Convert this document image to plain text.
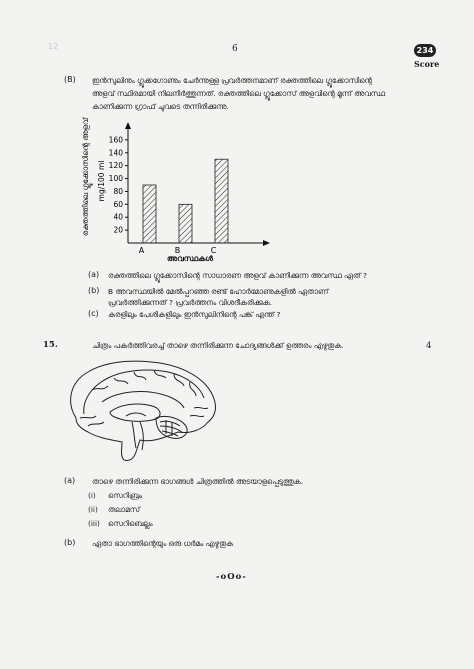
12	6	234
Score
(B) ഇൻസുലിനും ഗ്ലൂക്കഗോണും ചേർന്നുള്ള പ്രവർത്തനമാണ് രക്തത്തിലെ ഗ്ലൂക്കോസിന്റെ
അളവ് സ്ഥിരമായി നിലനിർത്തുന്നത്. രക്തത്തിലെ ഗ്ലൂക്കോസ് അളവിന്റെ മൂന്ന് അവസ്ഥ
കാണിക്കുന്ന ഗ്രാഫ് ചുവടെ തന്നിരിക്കുന്നു.
രക്തത്തിലെ ഗ്ലൂക്കോസിന്റെ അളവ് mg/100 ml
20
40
60
80
100
120
140
160
A	B	C
അവസ്ഥകൾ
(a) രക്തത്തിലെ ഗ്ലൂക്കോസിന്റെ സാധാരണ അളവ് കാണിക്കുന്ന അവസ്ഥ ഏത് ?
(b) B അവസ്ഥയിൽ മേൽപ്പറഞ്ഞ രണ്ട് ഹോർമോണുകളിൽ ഏതാണ്
പ്രവർത്തിക്കുന്നത് ? പ്രവർത്തനം വിശദീകരിക്കുക.
(c) കരളിലും പേശികളിലും ഇൻസുലിനിന്റെ പങ്ക് എന്ത് ?
15.	ചിത്രം പകർത്തിവരച്ച് താഴെ തന്നിരിക്കുന്ന ചോദ്യങ്ങൾക്ക് ഉത്തരം എഴുതുക.	4
(a) താഴെ തന്നിരിക്കുന്ന ഭാഗങ്ങൾ ചിത്രത്തിൽ അടയാളപ്പെടുത്തുക.
(i) സെറിബ്രം
(ii) തലാമസ്
(iii) സെറിബെല്ലം
(b) ഏതാ ഭാഗത്തിന്റെയും ഒരു ധർമം എഴുതുക
-oOo-
